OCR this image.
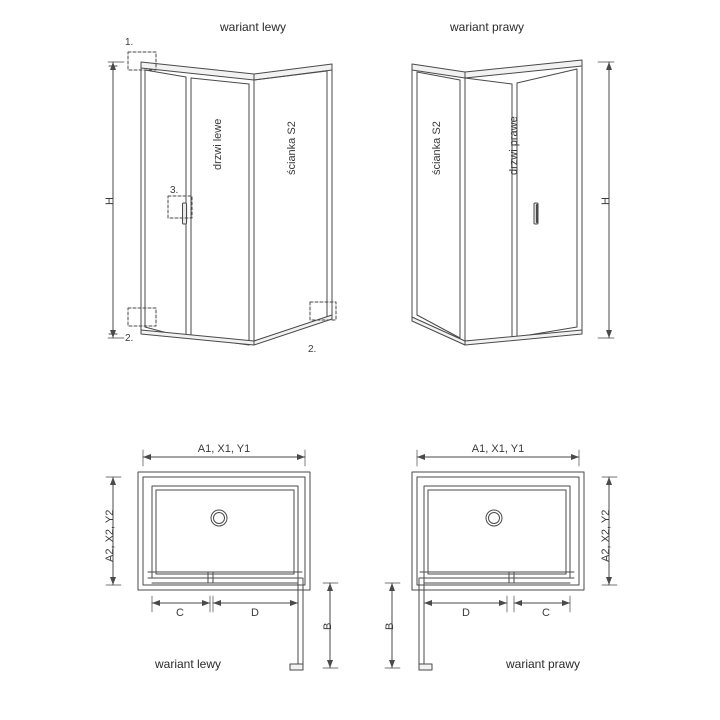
wariant lewy
1.
2.
2.
3.
H
drzwi lewe	ścianka S2
wariant prawy
ścianka S2	drzwi prawe
H
A1, X1, Y1
A2, X2, Y2
C	D
B
wariant lewy
A1, X1, Y1
A2, X2, Y2
D	C
B
wariant prawy
